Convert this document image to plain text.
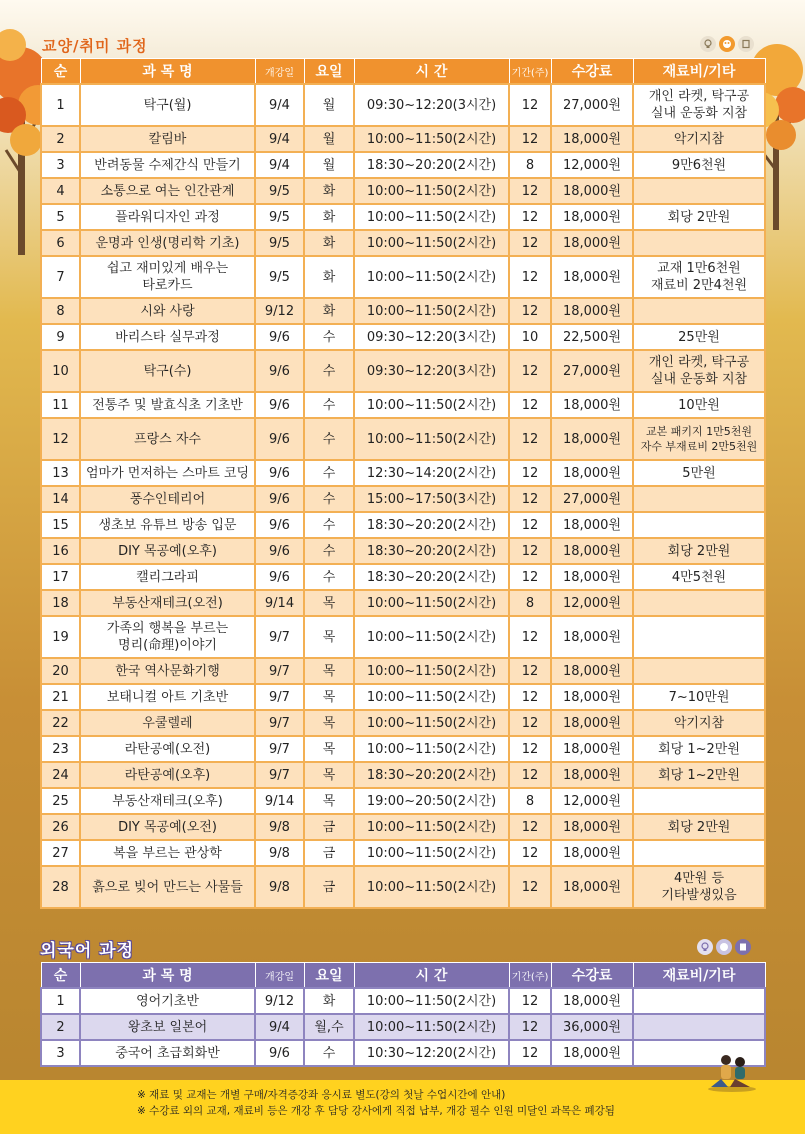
교양/취미 과정
순	과 목 명	개강일	요일	시 간	기간(주)	수강료	재료비/기타
1	탁구(월)	9/4	월	09:30~12:20(3시간)	12	27,000원	개인 라켓, 탁구공
실내 운동화 지참
2	칼림바	9/4	월	10:00~11:50(2시간)	12	18,000원	악기지참
3	반려동물 수제간식 만들기	9/4	월	18:30~20:20(2시간)	8	12,000원	9만6천원
4	소통으로 여는 인간관계	9/5	화	10:00~11:50(2시간)	12	18,000원	
5	플라워디자인 과정	9/5	화	10:00~11:50(2시간)	12	18,000원	회당 2만원
6	운명과 인생(명리학 기초)	9/5	화	10:00~11:50(2시간)	12	18,000원	
7	쉽고 재미있게 배우는
타로카드	9/5	화	10:00~11:50(2시간)	12	18,000원	교재 1만6천원
재료비 2만4천원
8	시와 사랑	9/12	화	10:00~11:50(2시간)	12	18,000원	
9	바리스타 실무과정	9/6	수	09:30~12:20(3시간)	10	22,500원	25만원
10	탁구(수)	9/6	수	09:30~12:20(3시간)	12	27,000원	개인 라켓, 탁구공
실내 운동화 지참
11	전통주 및 발효식초 기초반	9/6	수	10:00~11:50(2시간)	12	18,000원	10만원
12	프랑스 자수	9/6	수	10:00~11:50(2시간)	12	18,000원	교본 패키지 1만5천원
자수 부재료비 2만5천원
13	엄마가 먼저하는 스마트 코딩	9/6	수	12:30~14:20(2시간)	12	18,000원	5만원
14	풍수인테리어	9/6	수	15:00~17:50(3시간)	12	27,000원	
15	생초보 유튜브 방송 입문	9/6	수	18:30~20:20(2시간)	12	18,000원	
16	DIY 목공예(오후)	9/6	수	18:30~20:20(2시간)	12	18,000원	회당 2만원
17	캘리그라피	9/6	수	18:30~20:20(2시간)	12	18,000원	4만5천원
18	부동산재테크(오전)	9/14	목	10:00~11:50(2시간)	8	12,000원	
19	가족의 행복을 부르는
명리(命理)이야기	9/7	목	10:00~11:50(2시간)	12	18,000원	
20	한국 역사문화기행	9/7	목	10:00~11:50(2시간)	12	18,000원	
21	보태니컬 아트 기초반	9/7	목	10:00~11:50(2시간)	12	18,000원	7~10만원
22	우쿨렐레	9/7	목	10:00~11:50(2시간)	12	18,000원	악기지참
23	라탄공예(오전)	9/7	목	10:00~11:50(2시간)	12	18,000원	회당 1~2만원
24	라탄공예(오후)	9/7	목	18:30~20:20(2시간)	12	18,000원	회당 1~2만원
25	부동산재테크(오후)	9/14	목	19:00~20:50(2시간)	8	12,000원	
26	DIY 목공예(오전)	9/8	금	10:00~11:50(2시간)	12	18,000원	회당 2만원
27	복을 부르는 관상학	9/8	금	10:00~11:50(2시간)	12	18,000원	
28	흙으로 빚어 만드는 사물들	9/8	금	10:00~11:50(2시간)	12	18,000원	4만원 등
기타발생있음
외국어 과정
순	과 목 명	개강일	요일	시 간	기간(주)	수강료	재료비/기타
1	영어기초반	9/12	화	10:00~11:50(2시간)	12	18,000원	
2	왕초보 일본어	9/4	월,수	10:00~11:50(2시간)	12	36,000원	
3	중국어 초급회화반	9/6	수	10:30~12:20(2시간)	12	18,000원	
※ 재료 및 교재는 개별 구매/자격증강좌 응시료 별도(강의 첫날 수업시간에 안내)
※ 수강료 외의 교재, 재료비 등은 개강 후 담당 강사에게 직접 납부, 개강 필수 인원 미달인 과목은 폐강됨
